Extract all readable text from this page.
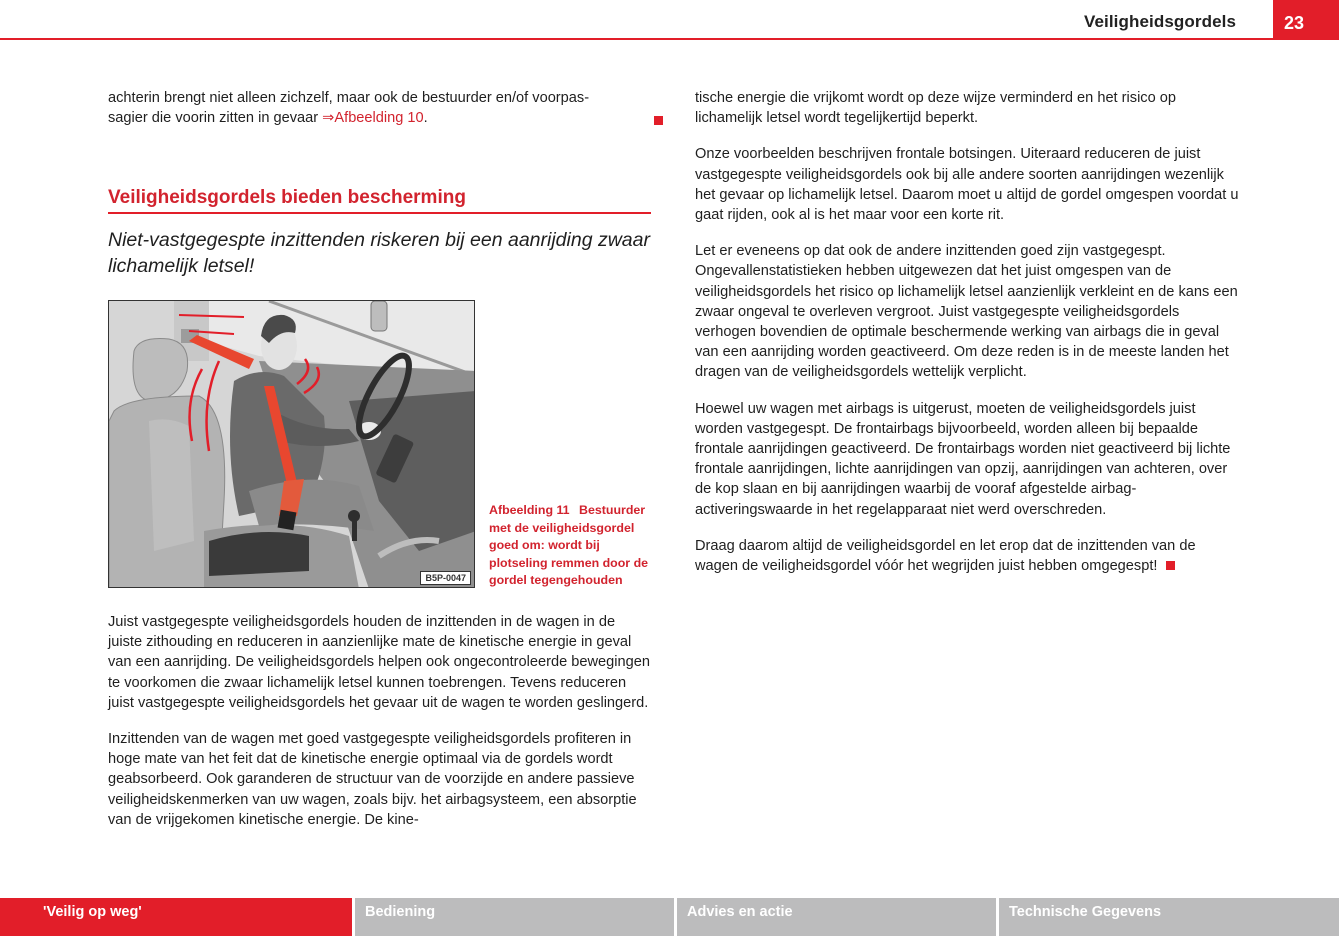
Veiligheidsgordels	23

achterin brengt niet alleen zichzelf, maar ook de bestuurder en/of voorpas-
sagier die voorin zitten in gevaar ⇒Afbeelding 10.

Veiligheidsgordels bieden bescherming
Niet-vastgegespte inzittenden riskeren bij een aanrijding zwaar lichamelijk letsel!
B5P-0047
Afbeelding 11 Bestuurder met de veiligheidsgordel goed om: wordt bij plotseling remmen door de gordel tegengehouden

Juist vastgegespte veiligheidsgordels houden de inzittenden in de wagen in de juiste zithouding en reduceren in aanzienlijke mate de kinetische energie in geval van een aanrijding. De veiligheidsgordels helpen ook ongecontroleerde bewegingen te voorkomen die zwaar lichamelijk letsel kunnen toebrengen. Tevens reduceren juist vastgegespte veiligheidsgordels het gevaar uit de wagen te worden geslingerd.

Inzittenden van de wagen met goed vastgegespte veiligheidsgordels profiteren in hoge mate van het feit dat de kinetische energie optimaal via de gordels wordt geabsorbeerd. Ook garanderen de structuur van de voorzijde en andere passieve veiligheidskenmerken van uw wagen, zoals bijv. het airbagsysteem, een absorptie van de vrijgekomen kinetische energie. De kine-

tische energie die vrijkomt wordt op deze wijze verminderd en het risico op lichamelijk letsel wordt tegelijkertijd beperkt.

Onze voorbeelden beschrijven frontale botsingen. Uiteraard reduceren de juist vastgegespte veiligheidsgordels ook bij alle andere soorten aanrijdingen wezenlijk het gevaar op lichamelijk letsel. Daarom moet u altijd de gordel omgespen voordat u gaat rijden, ook al is het maar voor een korte rit.

Let er eveneens op dat ook de andere inzittenden goed zijn vastgegespt. Ongevallenstatistieken hebben uitgewezen dat het juist omgespen van de veiligheidsgordels het risico op lichamelijk letsel aanzienlijk verkleint en de kans een zwaar ongeval te overleven vergroot. Juist vastgegespte veiligheidsgordels verhogen bovendien de optimale beschermende werking van airbags die in geval van een aanrijding worden geactiveerd. Om deze reden is in de meeste landen het dragen van de veiligheidsgordels wettelijk verplicht.

Hoewel uw wagen met airbags is uitgerust, moeten de veiligheidsgordels juist worden vastgegespt. De frontairbags bijvoorbeeld, worden alleen bij bepaalde frontale aanrijdingen geactiveerd. De frontairbags worden niet geactiveerd bij lichte frontale aanrijdingen, lichte aanrijdingen van opzij, aanrijdingen van achteren, over de kop slaan en bij aanrijdingen waarbij de vooraf afgestelde airbag-activeringswaarde in het regelapparaat niet werd overschreden.

Draag daarom altijd de veiligheidsgordel en let erop dat de inzittenden van de wagen de veiligheidsgordel vóór het wegrijden juist hebben omgegespt!

'Veilig op weg'	Bediening	Advies en actie	Technische Gegevens
